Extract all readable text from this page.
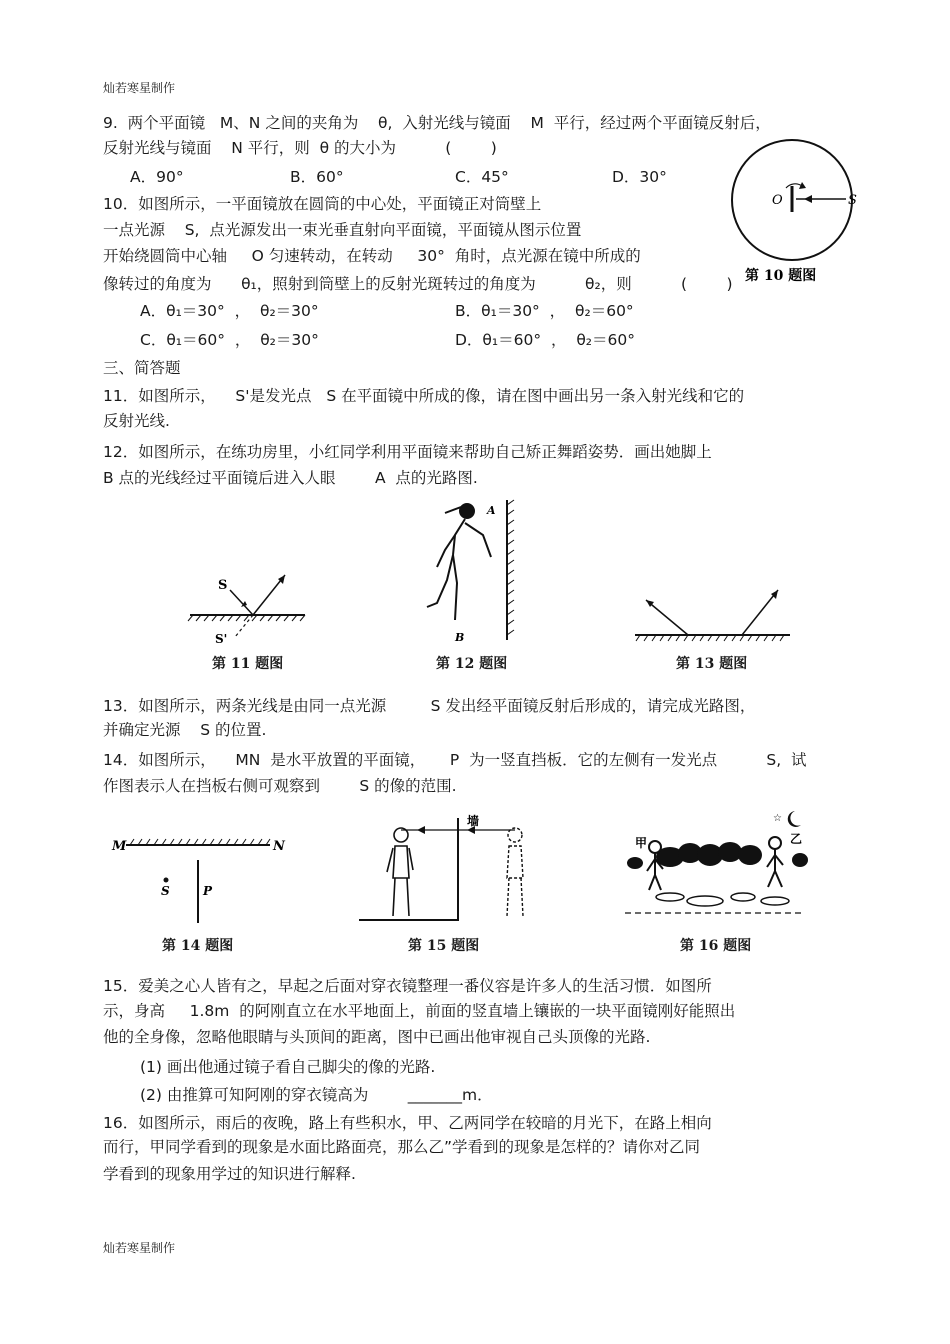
灿若寒星制作
9.  两个平面镜   M、N 之间的夹角为    θ,  入射光线与镜面    M  平行，经过两个平面镜反射后，
反射光线与镜面    N 平行，则  θ 的大小为          (        )
A．90°	B．60°	C．45°	D．30°
10．如图所示，一平面镜放在圆筒的中心处，平面镜正对筒壁上
一点光源    S,  点光源发出一束光垂直射向平面镜，平面镜从图示位置
开始绕圆筒中心轴     O 匀速转动，在转动     30°  角时，点光源在镜中所成的
像转过的角度为      θ₁，照射到筒壁上的反射光斑转过的角度为          θ₂，则          (        )
A．θ₁＝30°  ，  θ₂＝30°	B．θ₁＝30°  ，  θ₂＝60°
C．θ₁＝60°  ，  θ₂＝30°	D．θ₁＝60°  ，  θ₂＝60°
O	S
第 10 题图
三、简答题
11．如图所示，    S'是发光点   S 在平面镜中所成的像，请在图中画出另一条入射光线和它的
反射光线.
12．如图所示，在练功房里，小红同学利用平面镜来帮助自己矫正舞蹈姿势．画出她脚上
B 点的光线经过平面镜后进入人眼        A  点的光路图.
S
S'
第 11 题图
A
B
第 12 题图	第 13 题图
13．如图所示，两条光线是由同一点光源         S 发出经平面镜反射后形成的，请完成光路图，
并确定光源    S 的位置.
14．如图所示，    MN  是水平放置的平面镜，     P  为一竖直挡板．它的左侧有一发光点          S,  试
作图表示人在挡板右侧可观察到        S 的像的范围.
M	N
S	P
第 14 题图
墙
第 15 题图
☆
甲	乙
第 16 题图
15．爱美之心人皆有之，早起之后面对穿衣镜整理一番仪容是许多人的生活习惯．如图所
示，身高     1.8m  的阿刚直立在水平地面上，前面的竖直墙上镶嵌的一块平面镜刚好能照出
他的全身像，忽略他眼睛与头顶间的距离，图中已画出他审视自己头顶像的光路.
(1) 画出他通过镜子看自己脚尖的像的光路.
(2) 由推算可知阿刚的穿衣镜高为        _______m．
16．如图所示，雨后的夜晚，路上有些积水，甲、乙两同学在较暗的月光下，在路上相向
而行，甲同学看到的现象是水面比路面亮，那么乙”学看到的现象是怎样的？请你对乙同
学看到的现象用学过的知识进行解释.
灿若寒星制作
